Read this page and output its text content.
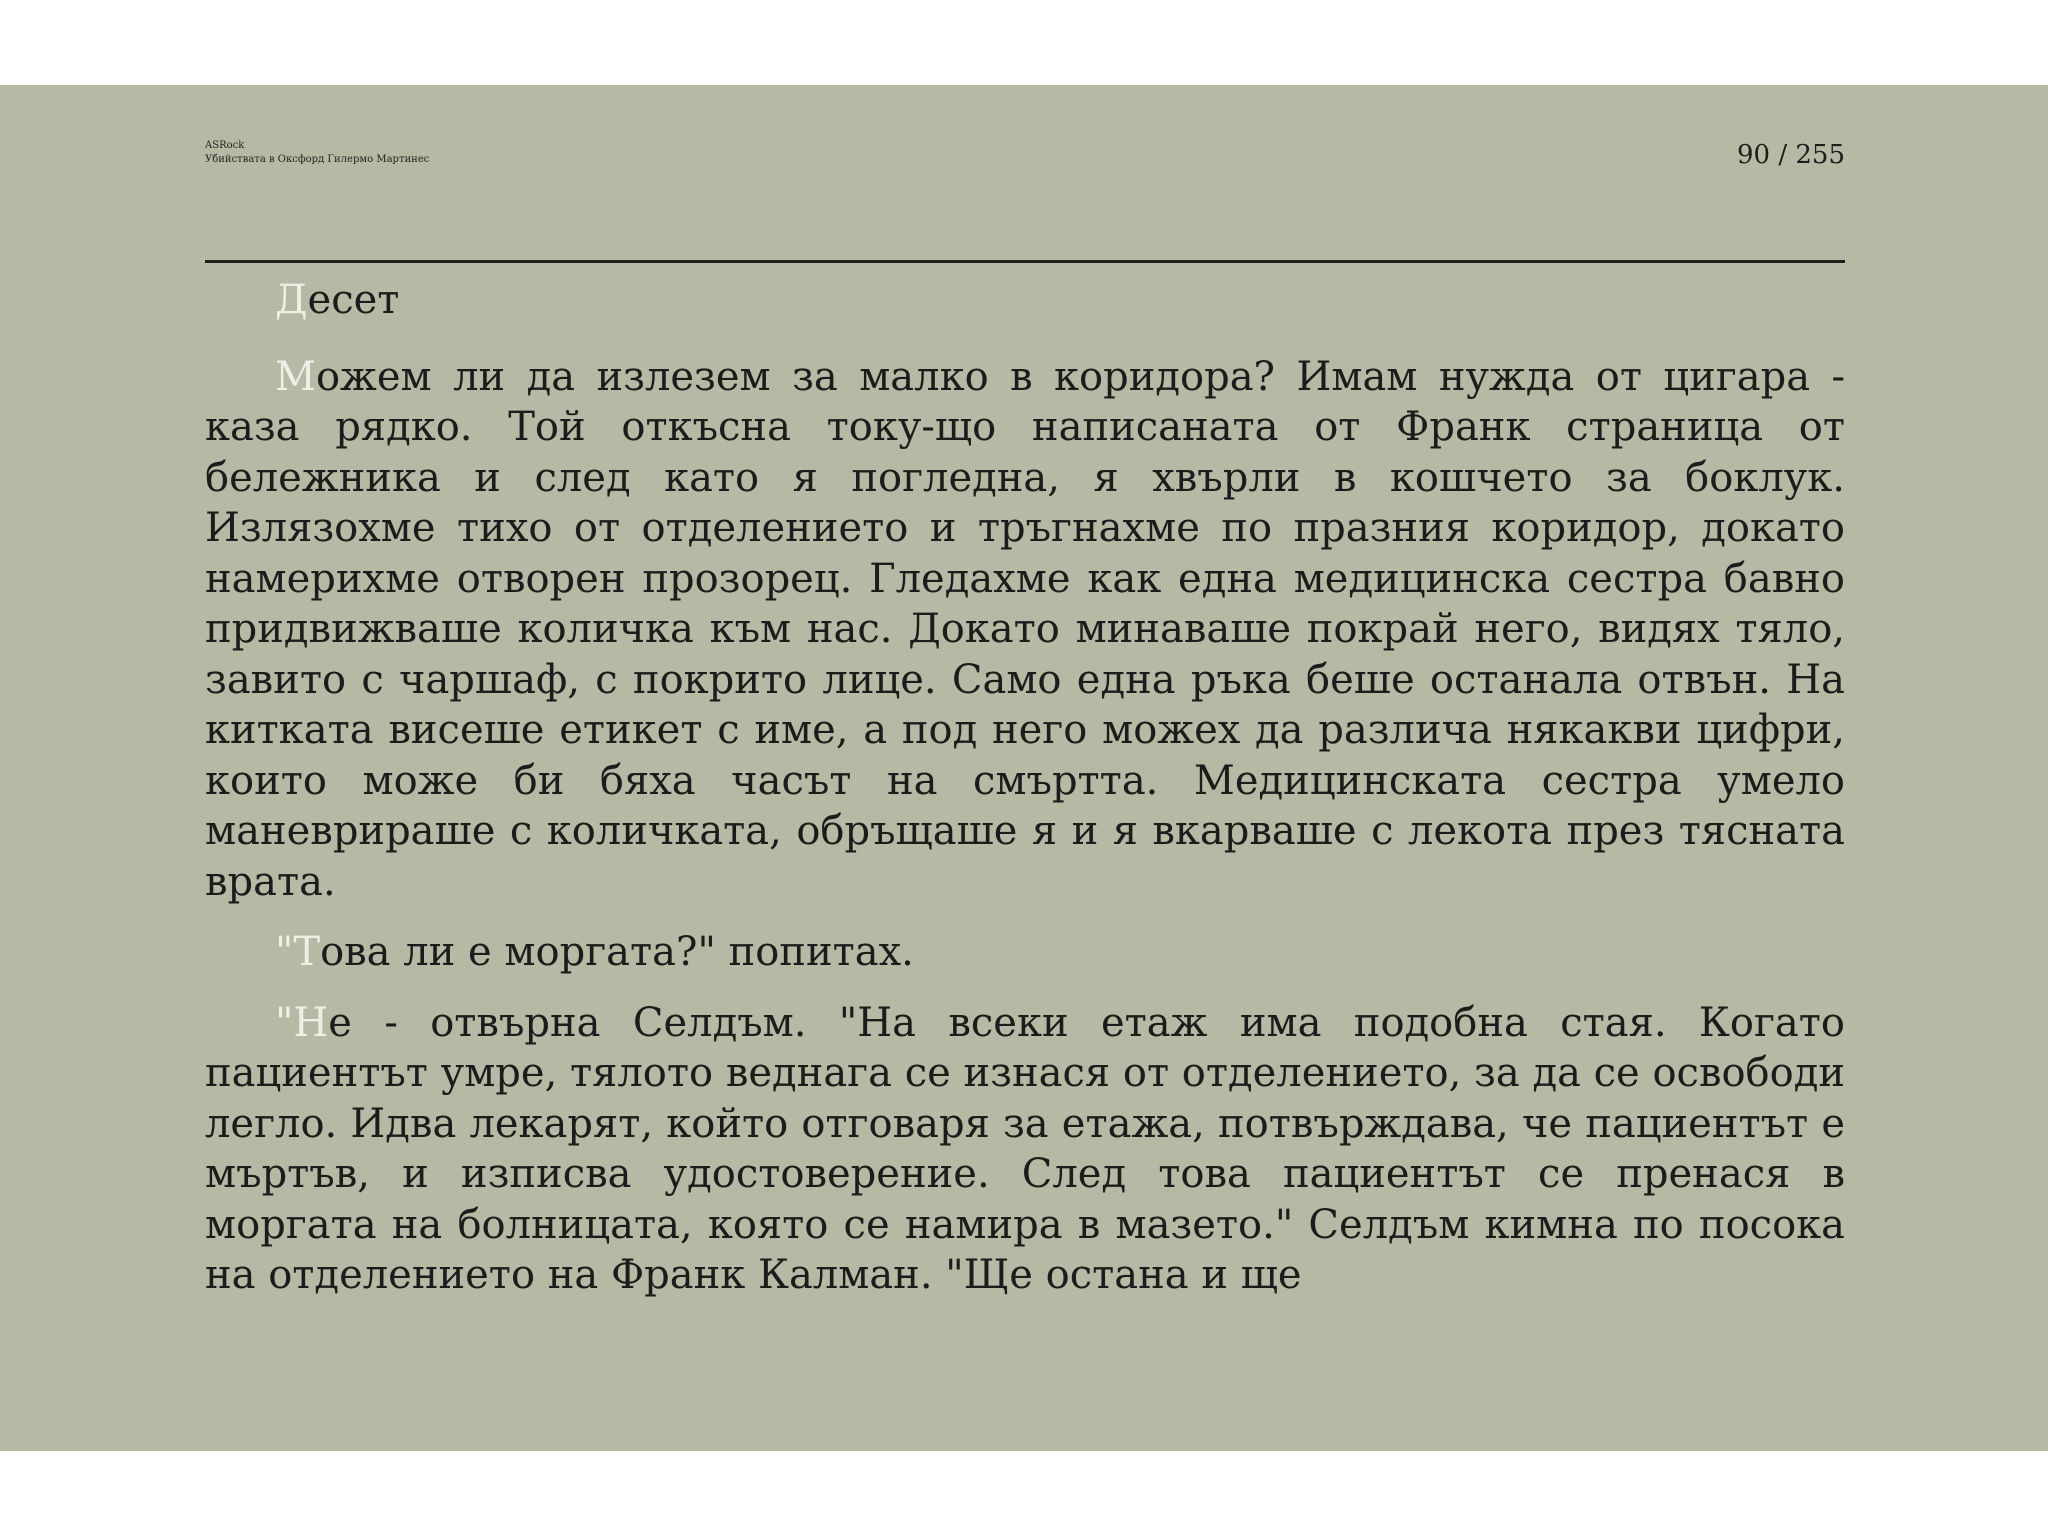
ASRock
Убийствата в Оксфорд Гилермо Мартинес	90 / 255

Десет

Можем ли да излезем за малко в коридора? Имам нужда от цигара - каза рядко. Той откъсна току-що написаната от Франк страница от бележника и след като я погледна, я хвърли в кошчето за боклук. Излязохме тихо от отделението и тръгнахме по празния коридор, докато намерихме отворен прозорец. Гледахме как една медицинска сестра бавно придвижваше количка към нас. Докато минаваше покрай него, видях тяло, завито с чаршаф, с покрито лице. Само една ръка беше останала отвън. На китката висеше етикет с име, а под него можех да различа някакви цифри, които може би бяха часът на смъртта. Медицинската сестра умело маневрираше с количката, обръщаше я и я вкарваше с лекота през тясната врата.

"Това ли е моргата?" попитах.

"Не - отвърна Селдъм. "На всеки етаж има подобна стая. Когато пациентът умре, тялото веднага се изнася от отделението, за да се освободи легло. Идва лекарят, който отговаря за етажа, потвърждава, че пациентът е мъртъв, и изписва удостоверение. След това пациентът се пренася в моргата на болницата, която се намира в мазето." Селдъм кимна по посока на отделението на Франк Калман. "Ще остана и ще
